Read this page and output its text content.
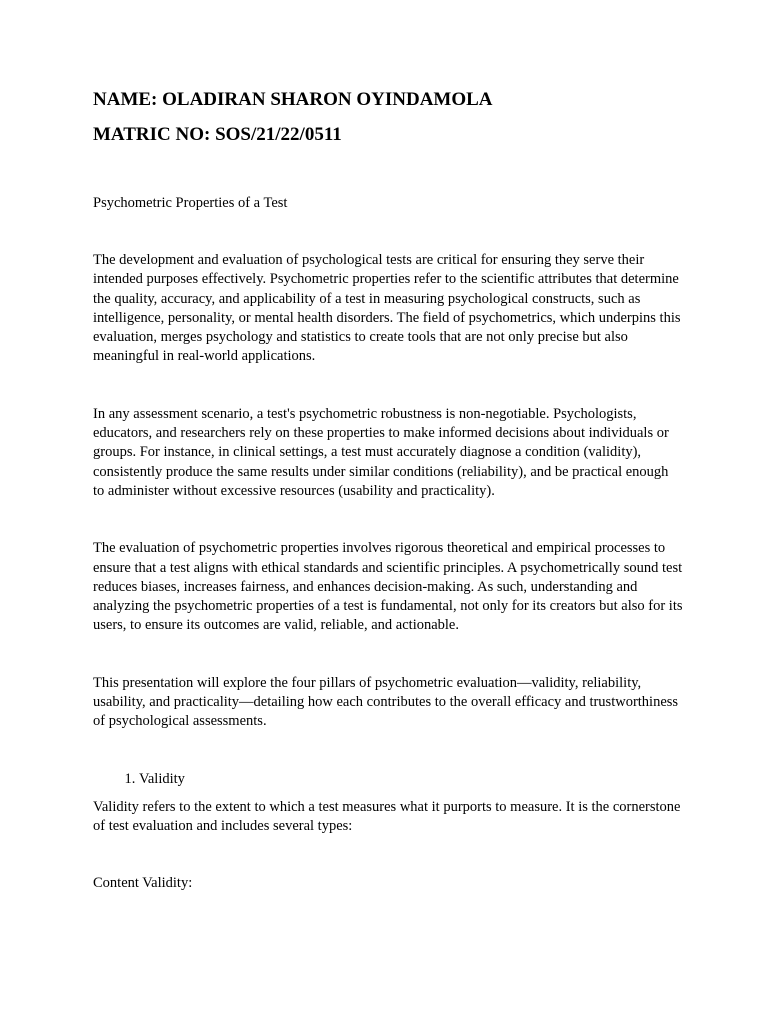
NAME: OLADIRAN SHARON OYINDAMOLA
MATRIC NO: SOS/21/22/0511

Psychometric Properties of a Test

The development and evaluation of psychological tests are critical for ensuring they serve their intended purposes effectively. Psychometric properties refer to the scientific attributes that determine the quality, accuracy, and applicability of a test in measuring psychological constructs, such as intelligence, personality, or mental health disorders. The field of psychometrics, which underpins this evaluation, merges psychology and statistics to create tools that are not only precise but also meaningful in real-world applications.

In any assessment scenario, a test's psychometric robustness is non-negotiable. Psychologists, educators, and researchers rely on these properties to make informed decisions about individuals or groups. For instance, in clinical settings, a test must accurately diagnose a condition (validity), consistently produce the same results under similar conditions (reliability), and be practical enough to administer without excessive resources (usability and practicality).

The evaluation of psychometric properties involves rigorous theoretical and empirical processes to ensure that a test aligns with ethical standards and scientific principles. A psychometrically sound test reduces biases, increases fairness, and enhances decision-making. As such, understanding and analyzing the psychometric properties of a test is fundamental, not only for its creators but also for its users, to ensure its outcomes are valid, reliable, and actionable.

This presentation will explore the four pillars of psychometric evaluation—validity, reliability, usability, and practicality—detailing how each contributes to the overall efficacy and trustworthiness of psychological assessments.

1. Validity

Validity refers to the extent to which a test measures what it purports to measure. It is the cornerstone of test evaluation and includes several types:

Content Validity:
